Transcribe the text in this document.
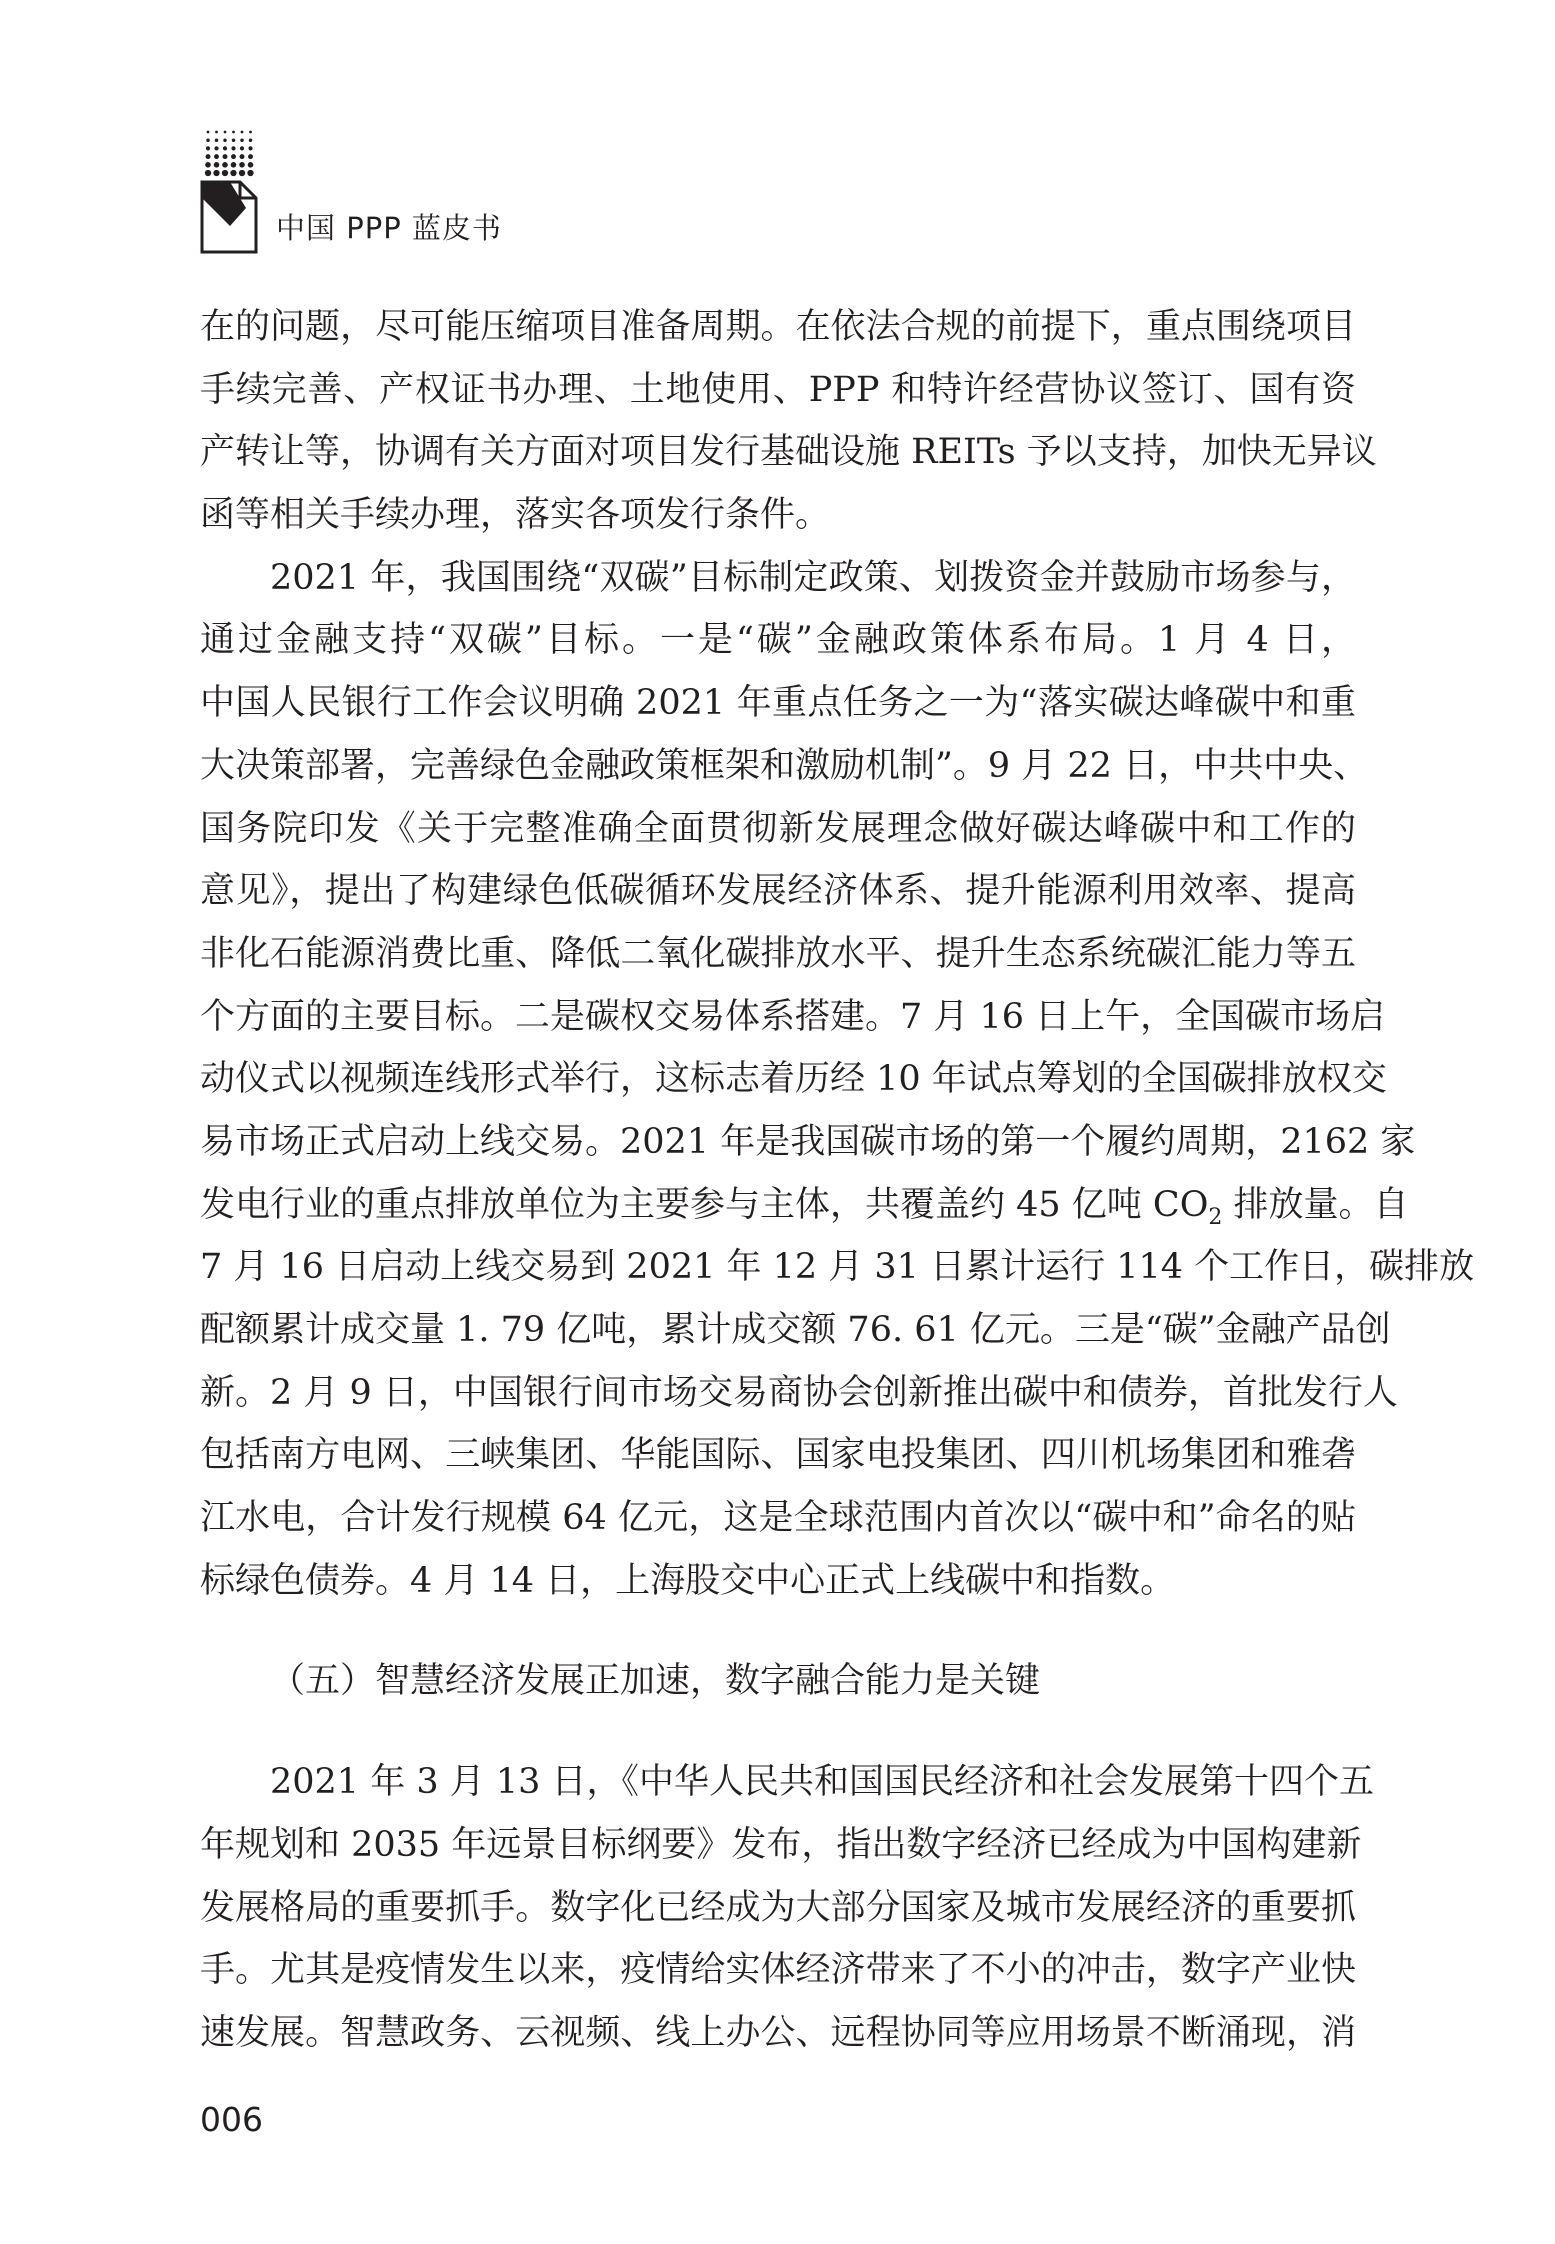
中国 PPP 蓝皮书
在的问题，尽可能压缩项目准备周期。在依法合规的前提下，重点围绕项目
手续完善、产权证书办理、土地使用、PPP 和特许经营协议签订、国有资
产转让等，协调有关方面对项目发行基础设施 REITs 予以支持，加快无异议
函等相关手续办理，落实各项发行条件。
2021 年，我国围绕“双碳”目标制定政策、划拨资金并鼓励市场参与，
通过金融支持“双碳”目标。一是“碳”金融政策体系布局。1 月 4 日，
中国人民银行工作会议明确 2021 年重点任务之一为“落实碳达峰碳中和重
大决策部署，完善绿色金融政策框架和激励机制”。9 月 22 日，中共中央、
国务院印发《关于完整准确全面贯彻新发展理念做好碳达峰碳中和工作的
意见》，提出了构建绿色低碳循环发展经济体系、提升能源利用效率、提高
非化石能源消费比重、降低二氧化碳排放水平、提升生态系统碳汇能力等五
个方面的主要目标。二是碳权交易体系搭建。7 月 16 日上午，全国碳市场启
动仪式以视频连线形式举行，这标志着历经 10 年试点筹划的全国碳排放权交
易市场正式启动上线交易。2021 年是我国碳市场的第一个履约周期，2162 家
发电行业的重点排放单位为主要参与主体，共覆盖约 45 亿吨 $CO_2$ 排放量。自
7 月 16 日启动上线交易到 2021 年 12 月 31 日累计运行 114 个工作日，碳排放
配额累计成交量 1. 79 亿吨，累计成交额 76. 61 亿元。三是“碳”金融产品创
新。2 月 9 日，中国银行间市场交易商协会创新推出碳中和债券，首批发行人
包括南方电网、三峡集团、华能国际、国家电投集团、四川机场集团和雅砻
江水电，合计发行规模 64 亿元，这是全球范围内首次以“碳中和”命名的贴
标绿色债券。4 月 14 日，上海股交中心正式上线碳中和指数。
（五）智慧经济发展正加速，数字融合能力是关键
2021 年 3 月 13 日，《中华人民共和国国民经济和社会发展第十四个五
年规划和 2035 年远景目标纲要》发布，指出数字经济已经成为中国构建新
发展格局的重要抓手。数字化已经成为大部分国家及城市发展经济的重要抓
手。尤其是疫情发生以来，疫情给实体经济带来了不小的冲击，数字产业快
速发展。智慧政务、云视频、线上办公、远程协同等应用场景不断涌现，消
006
